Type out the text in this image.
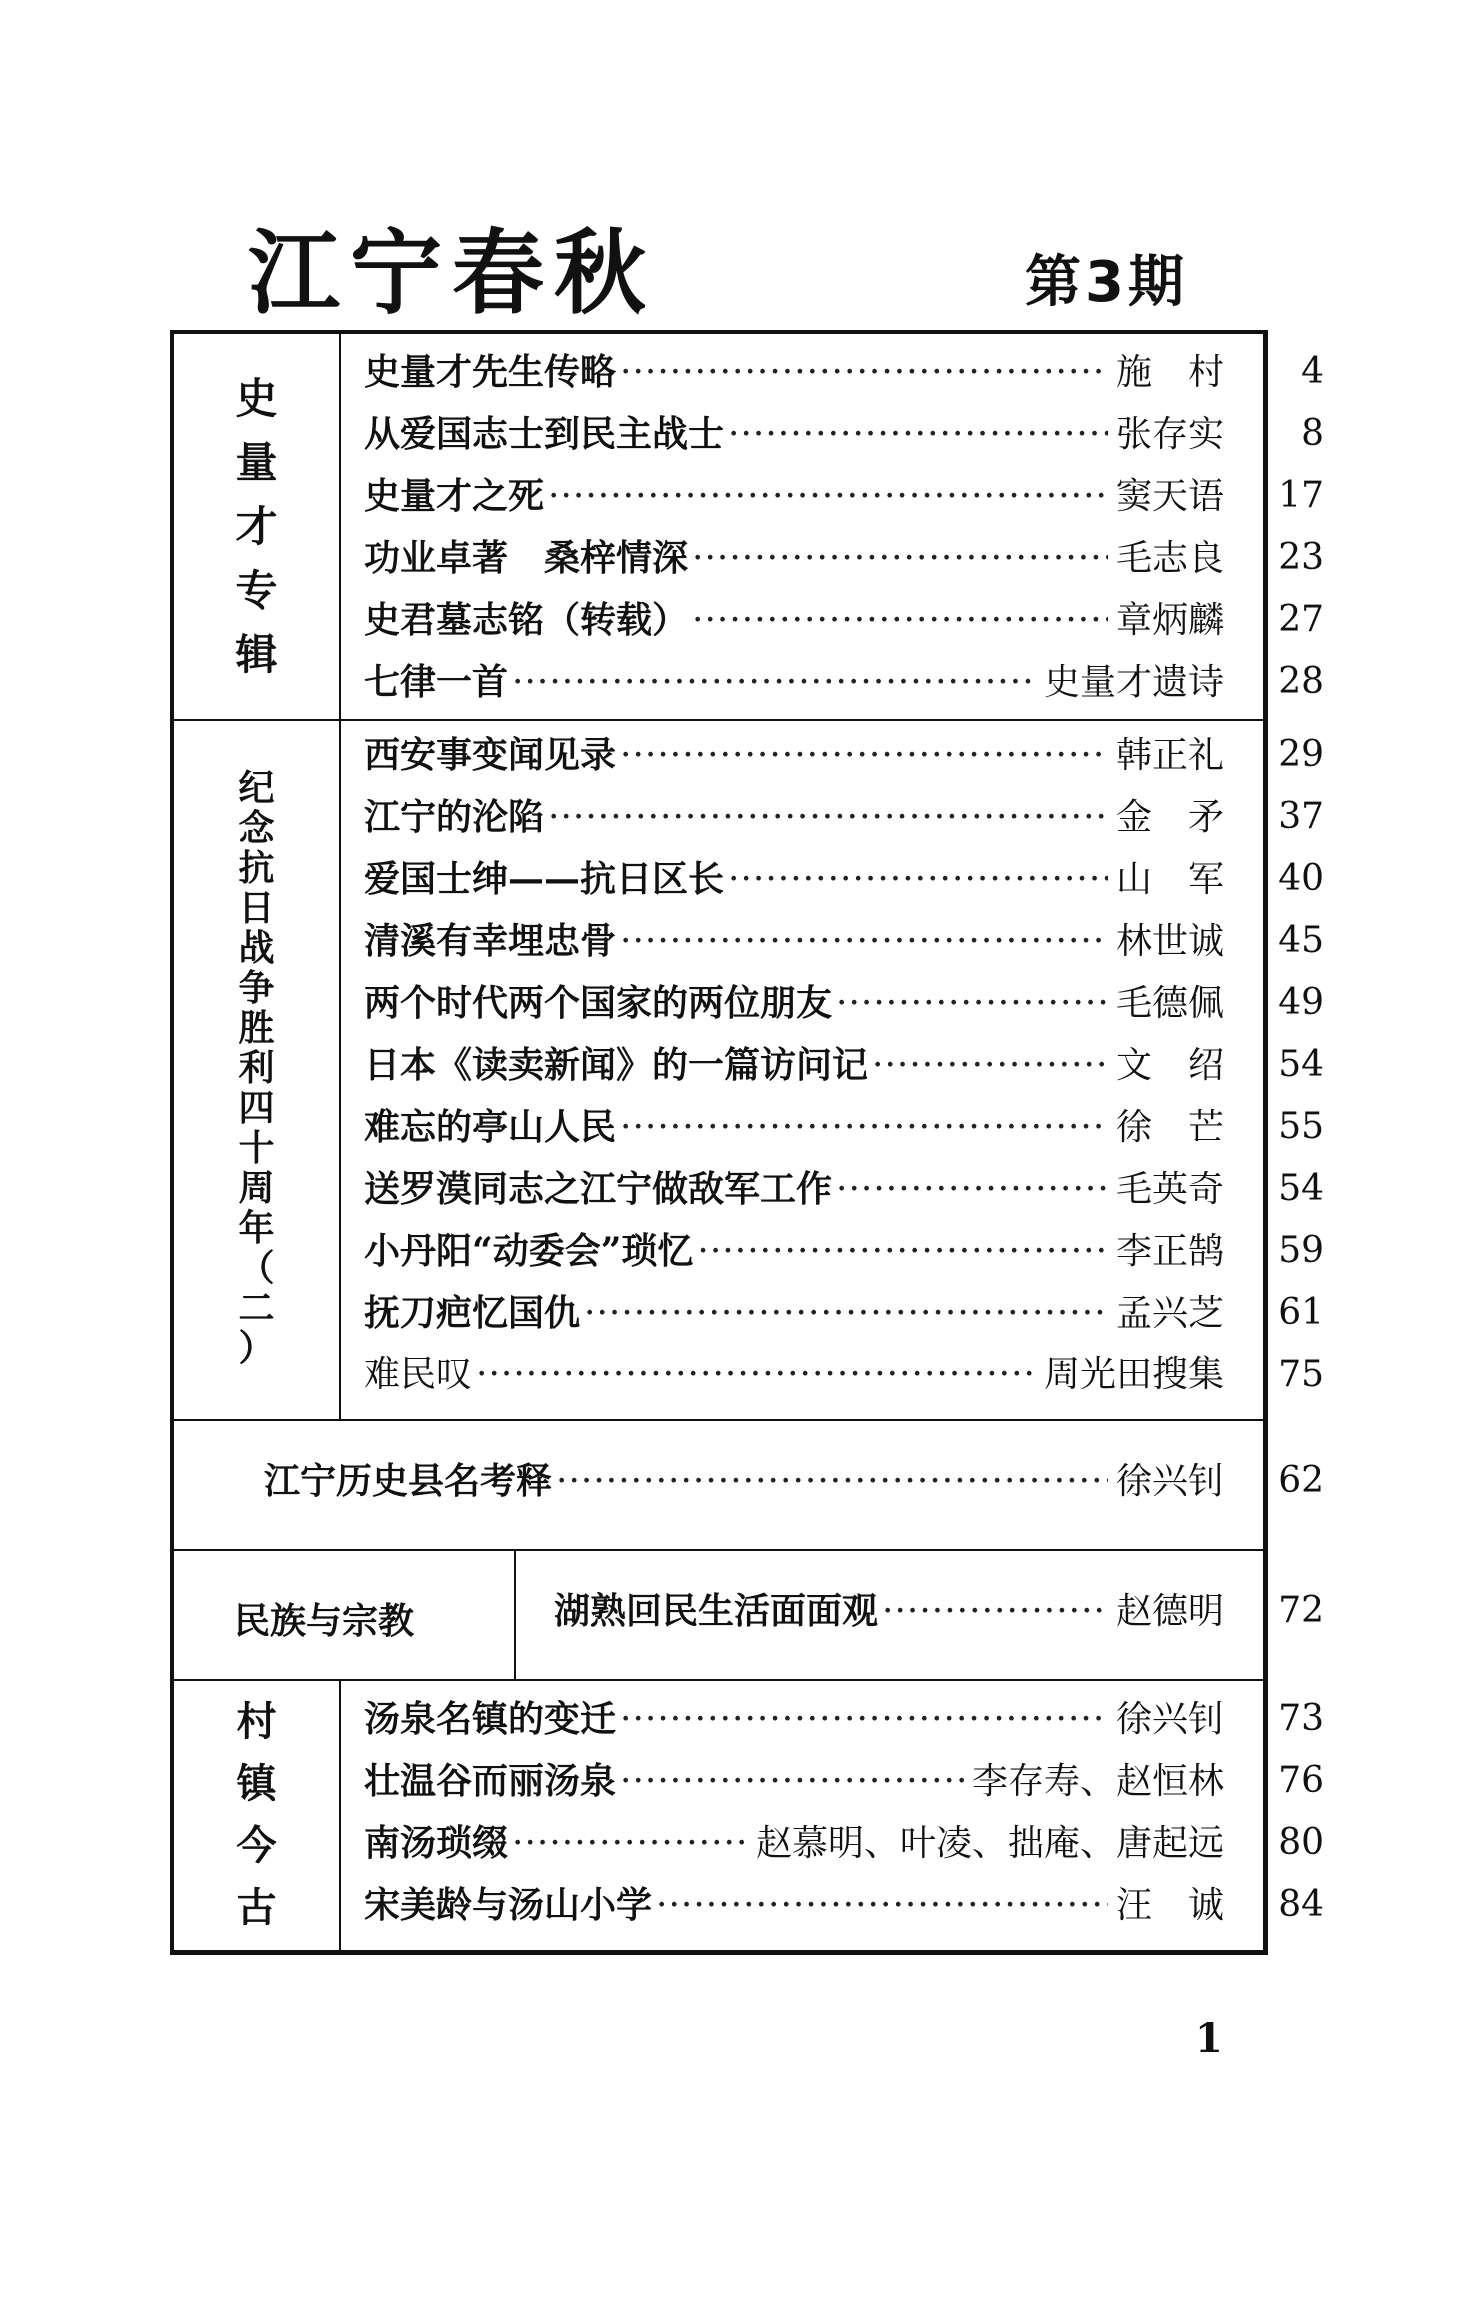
江宁春秋	第3期
史
量
才
专
辑
史量才先生传略 ·····	施　村	4
从爱国志士到民主战士 ·····	张存实	8
史量才之死 ·····	窦天语	17
功业卓著　桑梓情深 ·····	毛志良	23
史君墓志铭（转载） ·····	章炳麟	27
七律一首 ·····	史量才遗诗	28
纪
念
抗
日
战
争
胜
利
四
十
周
年
（
二
）
西安事变闻见录 ·····	韩正礼	29
江宁的沦陷 ·····	金　矛	37
爱国士绅——抗日区长 ·····	山　军	40
清溪有幸埋忠骨 ·····	林世诚	45
两个时代两个国家的两位朋友 ·····	毛德佩	49
日本《读卖新闻》的一篇访问记 ·····	文　绍	54
难忘的亭山人民 ·····	徐　芒	55
送罗漠同志之江宁做敌军工作 ·····	毛英奇	54
小丹阳“动委会”琐忆 ·····	李正鹄	59
抚刀疤忆国仇 ·····	孟兴芝	61
难民叹 ·····	周光田搜集	75
江宁历史县名考释 ·····	徐兴钊	62
民族与宗教	湖熟回民生活面面观 ·····	赵德明	72
村
镇
今
古
汤泉名镇的变迁 ·····	徐兴钊	73
壮温谷而丽汤泉 ·····	李存寿、赵恒林	76
南汤琐缀 ·····	赵慕明、叶凌、拙庵、唐起远	80
宋美龄与汤山小学 ·····	汪　诚	84
1
